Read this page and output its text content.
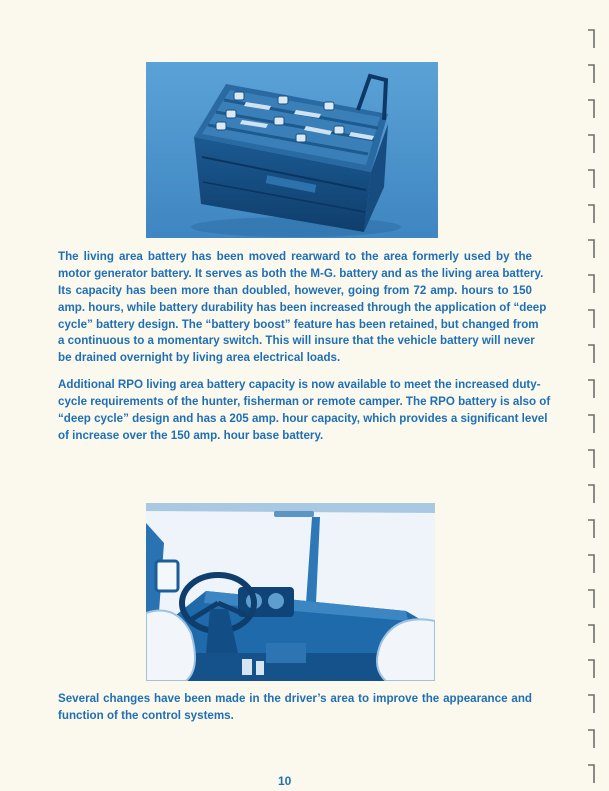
The living area battery has been moved rearward to the area formerly used by the
motor generator battery. It serves as both the M-G. battery and as the living area battery.
Its capacity has been more than doubled, however, going from 72 amp. hours to 150
amp. hours, while battery durability has been increased through the application of “deep
cycle” battery design. The “battery boost” feature has been retained, but changed from
a continuous to a momentary switch. This will insure that the vehicle battery will never
be drained overnight by living area electrical loads.
Additional RPO living area battery capacity is now available to meet the increased duty-
cycle requirements of the hunter, fisherman or remote camper. The RPO battery is also of
“deep cycle” design and has a 205 amp. hour capacity, which provides a significant level
of increase over the 150 amp. hour base battery.
Several changes have been made in the driver’s area to improve the appearance and
function of the control systems.
10
